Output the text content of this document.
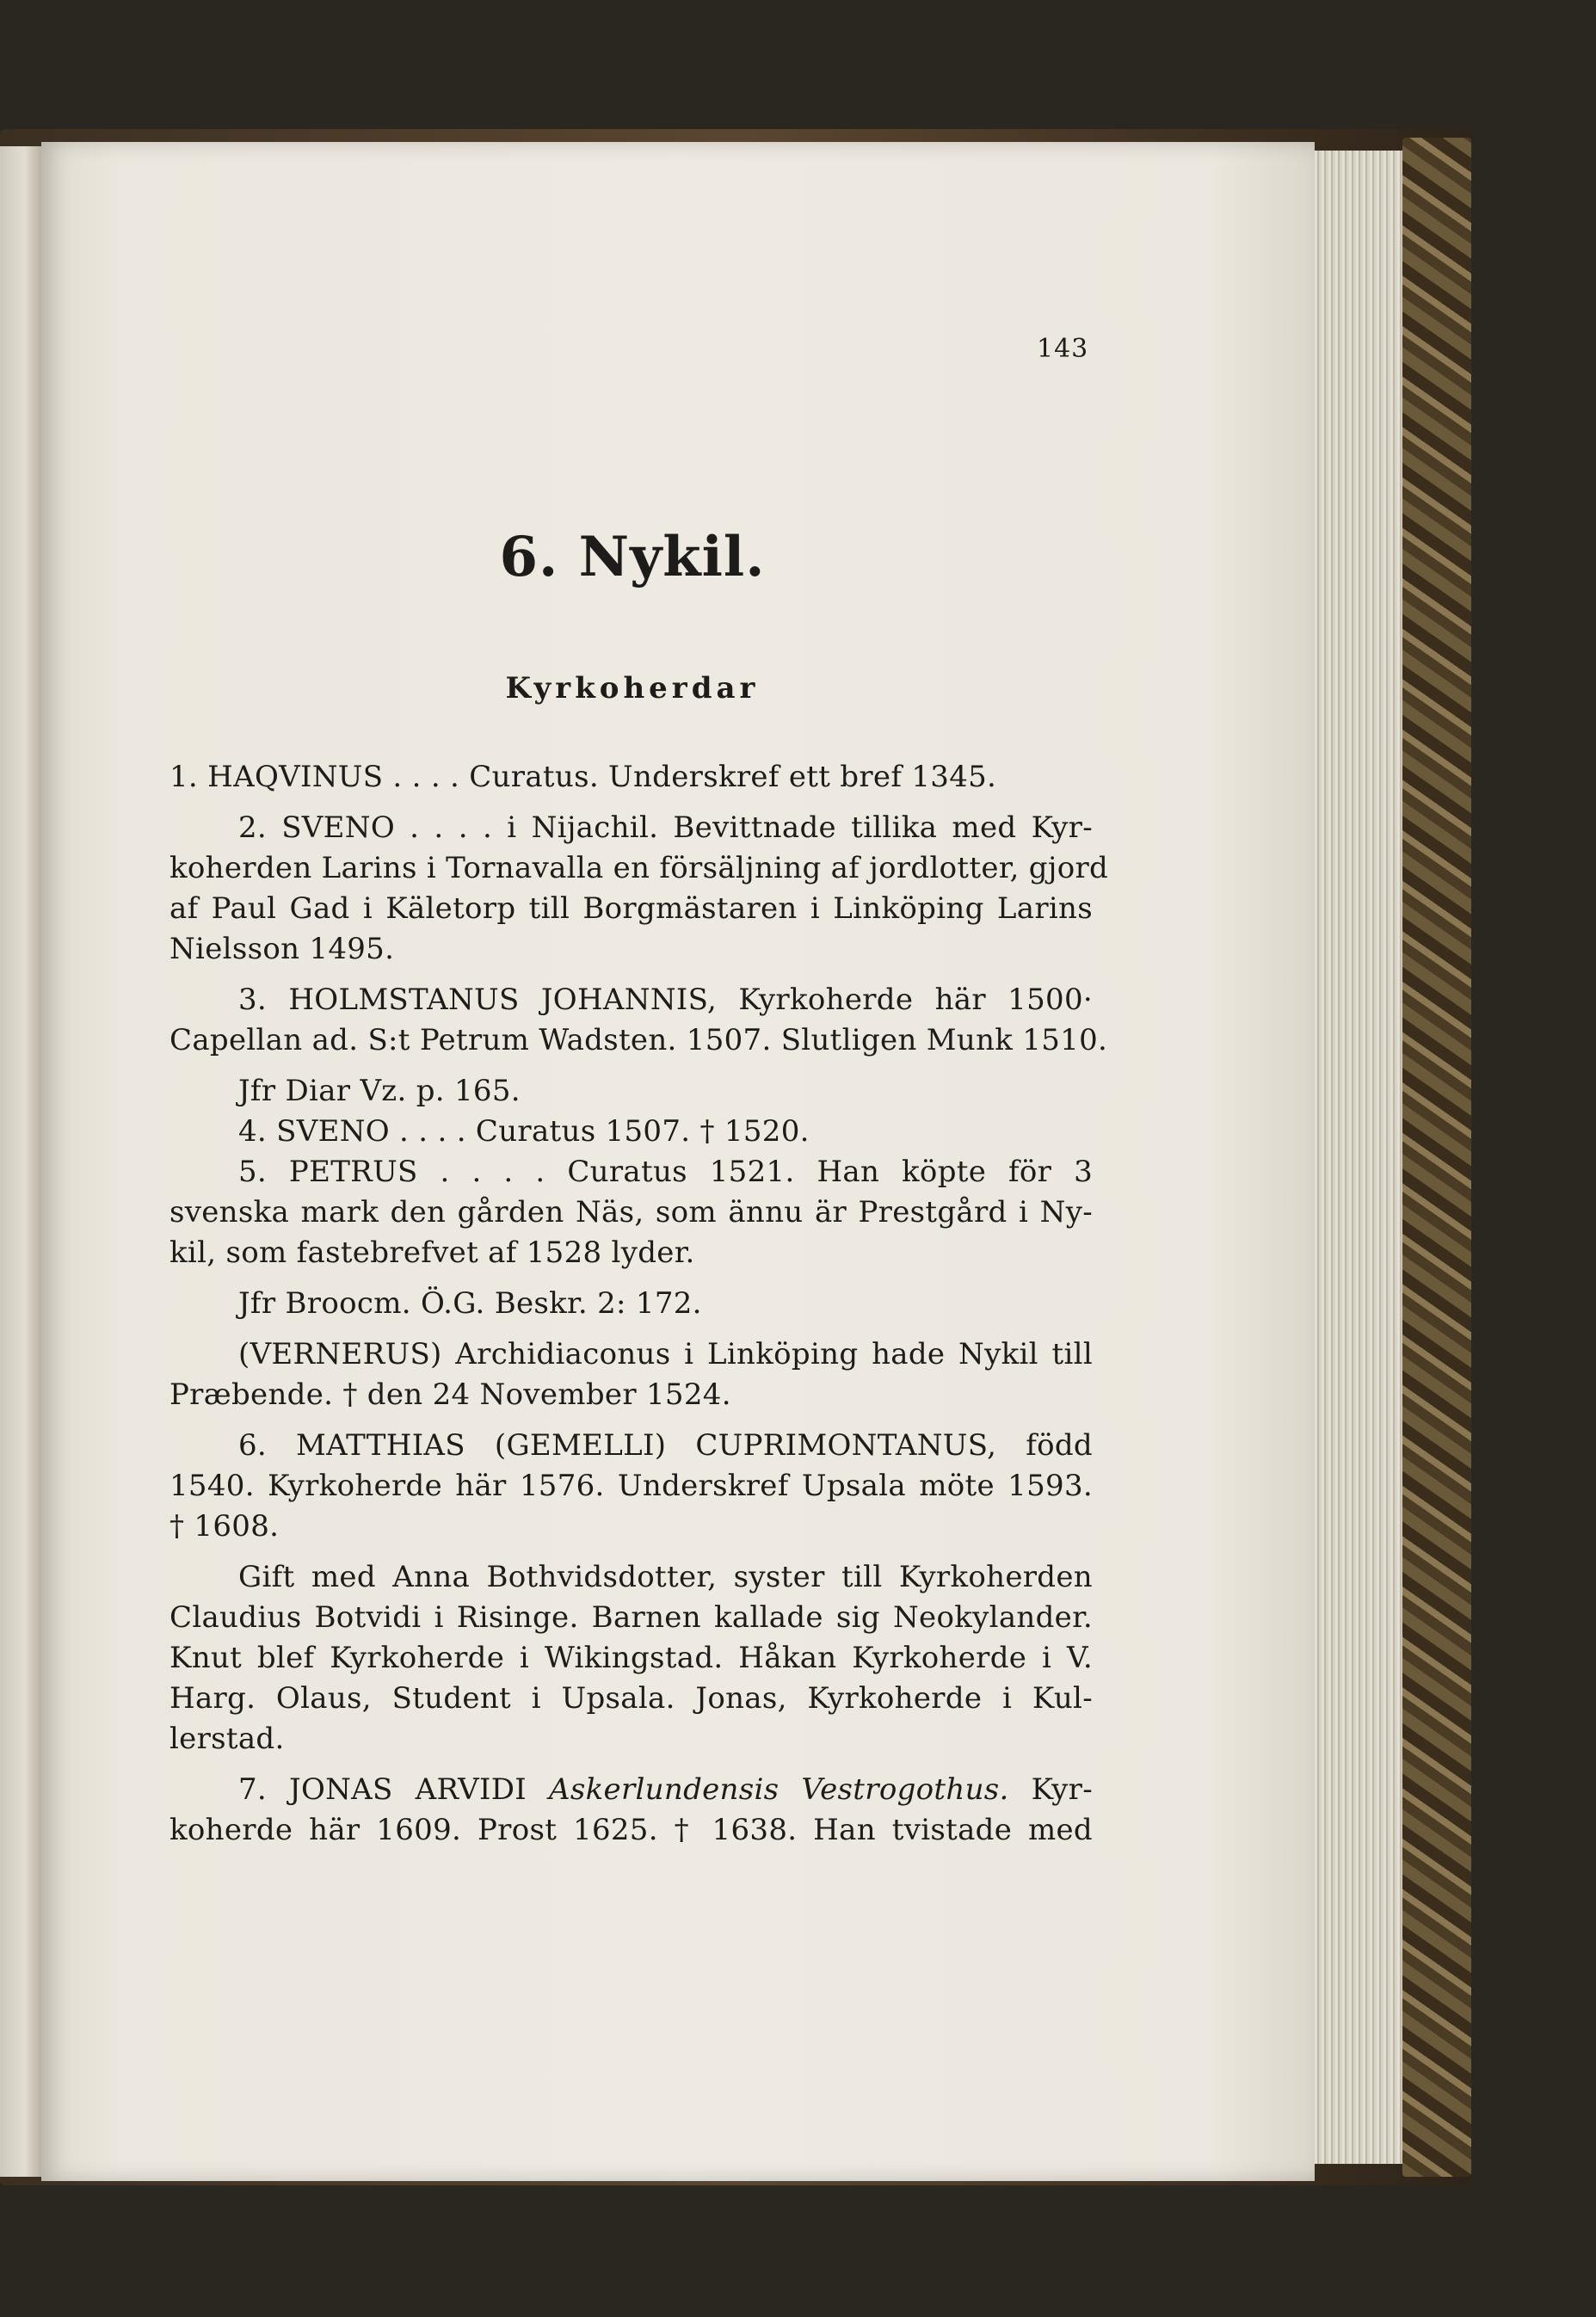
143
6. Nykil.
Kyrkoherdar

1. HAQVINUS . . . . Curatus. Underskref ett bref 1345.

2. SVENO . . . . i Nijachil. Bevittnade tillika med Kyr-
koherden Larins i Tornavalla en försäljning af jordlotter, gjord
af Paul Gad i Käletorp till Borgmästaren i Linköping Larins
Nielsson 1495.

3. HOLMSTANUS JOHANNIS, Kyrkoherde här 1500·
Capellan ad. S:t Petrum Wadsten. 1507. Slutligen Munk 1510.

Jfr Diar Vz. p. 165.

4. SVENO . . . . Curatus 1507. † 1520.

5. PETRUS . . . . Curatus 1521. Han köpte för 3
svenska mark den gården Näs, som ännu är Prestgård i Ny-
kil, som fastebrefvet af 1528 lyder.

Jfr Broocm. Ö.G. Beskr. 2: 172.

(VERNERUS) Archidiaconus i Linköping hade Nykil till
Præbende. † den 24 November 1524.

6. MATTHIAS (GEMELLI) CUPRIMONTANUS, född
1540. Kyrkoherde här 1576. Underskref Upsala möte 1593.
† 1608.

Gift med Anna Bothvidsdotter, syster till Kyrkoherden
Claudius Botvidi i Risinge. Barnen kallade sig Neokylander.
Knut blef Kyrkoherde i Wikingstad. Håkan Kyrkoherde i V.
Harg. Olaus, Student i Upsala. Jonas, Kyrkoherde i Kul-
lerstad.

7. JONAS ARVIDI Askerlundensis Vestrogothus. Kyr-
koherde här 1609. Prost 1625. † 1638. Han tvistade med
